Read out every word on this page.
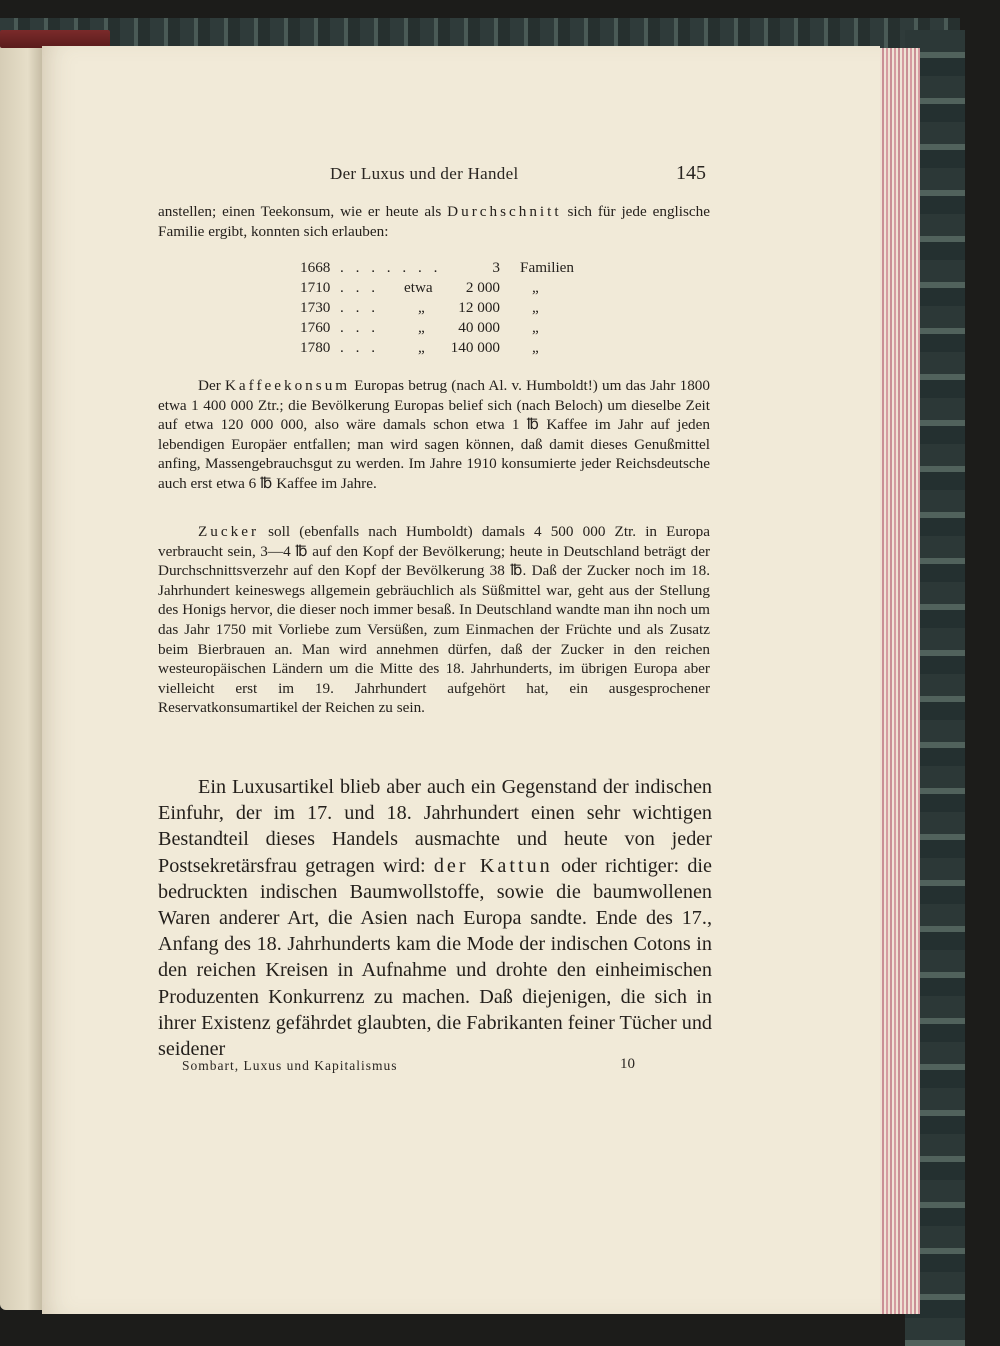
Der Luxus und der Handel	145

anstellen; einen Teekonsum, wie er heute als Durchschnitt sich für jede englische Familie ergibt, konnten sich erlauben:

1668 . . . . . . .	3 Familien
1710 . . . etwa	2 000 „
1730 . . .	„	12 000 „
1760 . . .	„	40 000 „
1780 . . .	„	140 000 „

Der Kaffeekonsum Europas betrug (nach Al. v. Humboldt!) um das Jahr 1800 etwa 1 400 000 Ztr.; die Bevölkerung Europas belief sich (nach Beloch) um dieselbe Zeit auf etwa 120 000 000, also wäre damals schon etwa 1 ℔ Kaffee im Jahr auf jeden lebendigen Europäer entfallen; man wird sagen können, daß damit dieses Genußmittel anfing, Massengebrauchsgut zu werden. Im Jahre 1910 konsumierte jeder Reichsdeutsche auch erst etwa 6 ℔ Kaffee im Jahre.

Zucker soll (ebenfalls nach Humboldt) damals 4 500 000 Ztr. in Europa verbraucht sein, 3—4 ℔ auf den Kopf der Bevölkerung; heute in Deutschland beträgt der Durchschnittsverzehr auf den Kopf der Bevölkerung 38 ℔. Daß der Zucker noch im 18. Jahrhundert keineswegs allgemein gebräuchlich als Süßmittel war, geht aus der Stellung des Honigs hervor, die dieser noch immer besaß. In Deutschland wandte man ihn noch um das Jahr 1750 mit Vorliebe zum Versüßen, zum Einmachen der Früchte und als Zusatz beim Bierbrauen an. Man wird annehmen dürfen, daß der Zucker in den reichen westeuropäischen Ländern um die Mitte des 18. Jahrhunderts, im übrigen Europa aber vielleicht erst im 19. Jahrhundert aufgehört hat, ein ausgesprochener Reservatkonsumartikel der Reichen zu sein.

Ein Luxusartikel blieb aber auch ein Gegenstand der indischen Einfuhr, der im 17. und 18. Jahrhundert einen sehr wichtigen Bestandteil dieses Handels ausmachte und heute von jeder Postsekretärsfrau getragen wird: der Kattun oder richtiger: die bedruckten indischen Baumwollstoffe, sowie die baumwollenen Waren anderer Art, die Asien nach Europa sandte. Ende des 17., Anfang des 18. Jahrhunderts kam die Mode der indischen Cotons in den reichen Kreisen in Aufnahme und drohte den einheimischen Produzenten Konkurrenz zu machen. Daß diejenigen, die sich in ihrer Existenz gefährdet glaubten, die Fabrikanten feiner Tücher und seidener

Sombart, Luxus und Kapitalismus	10
